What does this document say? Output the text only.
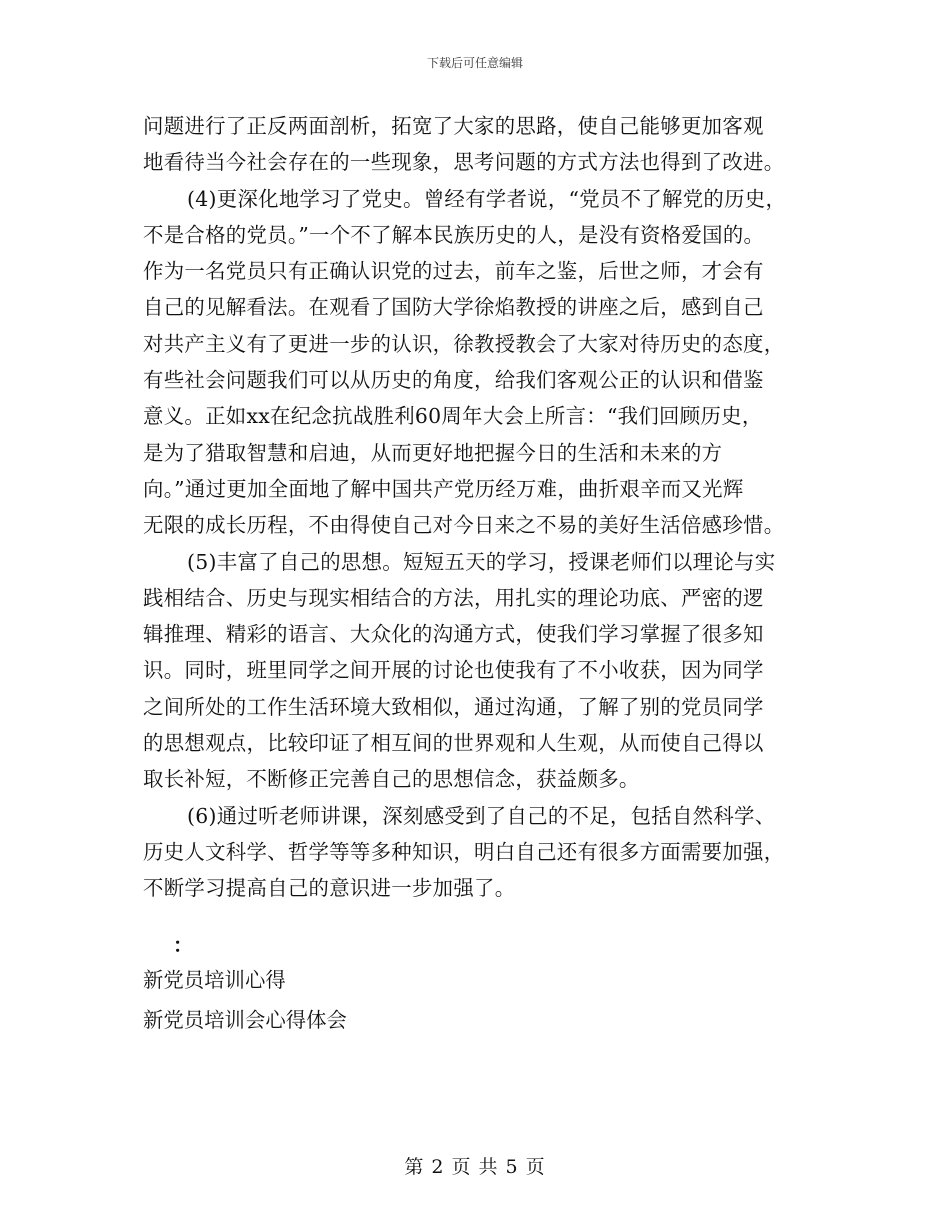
下载后可任意编辑
问题进行了正反两面剖析，拓宽了大家的思路，使自己能够更加客观
地看待当今社会存在的一些现象，思考问题的方式方法也得到了改进。
(4)更深化地学习了党史。曾经有学者说，“党员不了解党的历史，
不是合格的党员。”一个不了解本民族历史的人，是没有资格爱国的。
作为一名党员只有正确认识党的过去，前车之鉴，后世之师，才会有
自己的见解看法。在观看了国防大学徐焰教授的讲座之后，感到自己
对共产主义有了更进一步的认识，徐教授教会了大家对待历史的态度，
有些社会问题我们可以从历史的角度，给我们客观公正的认识和借鉴
意义。正如xx在纪念抗战胜利60周年大会上所言：“我们回顾历史，
是为了猎取智慧和启迪，从而更好地把握今日的生活和未来的方
向。”通过更加全面地了解中国共产党历经万难，曲折艰辛而又光辉
无限的成长历程，不由得使自己对今日来之不易的美好生活倍感珍惜。
(5)丰富了自己的思想。短短五天的学习，授课老师们以理论与实
践相结合、历史与现实相结合的方法，用扎实的理论功底、严密的逻
辑推理、精彩的语言、大众化的沟通方式，使我们学习掌握了很多知
识。同时，班里同学之间开展的讨论也使我有了不小收获，因为同学
之间所处的工作生活环境大致相似，通过沟通，了解了别的党员同学
的思想观点，比较印证了相互间的世界观和人生观，从而使自己得以
取长补短，不断修正完善自己的思想信念，获益颇多。
(6)通过听老师讲课，深刻感受到了自己的不足，包括自然科学、
历史人文科学、哲学等等多种知识，明白自己还有很多方面需要加强，
不断学习提高自己的意识进一步加强了。
：
新党员培训心得
新党员培训会心得体会
第 2 页 共 5 页
